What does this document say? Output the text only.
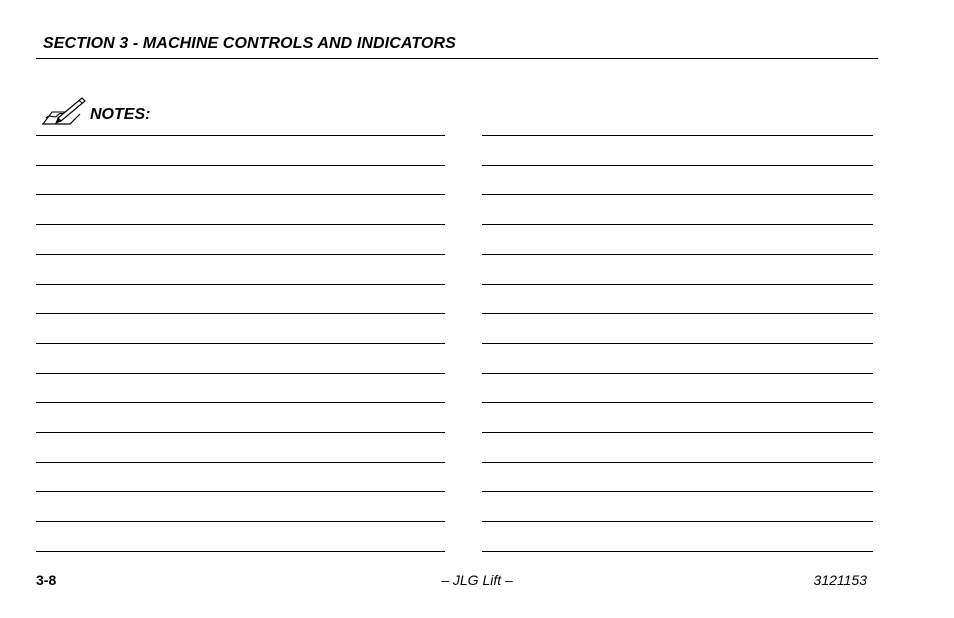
SECTION 3 - MACHINE CONTROLS AND INDICATORS
NOTES:
3-8	– JLG Lift –	3121153
